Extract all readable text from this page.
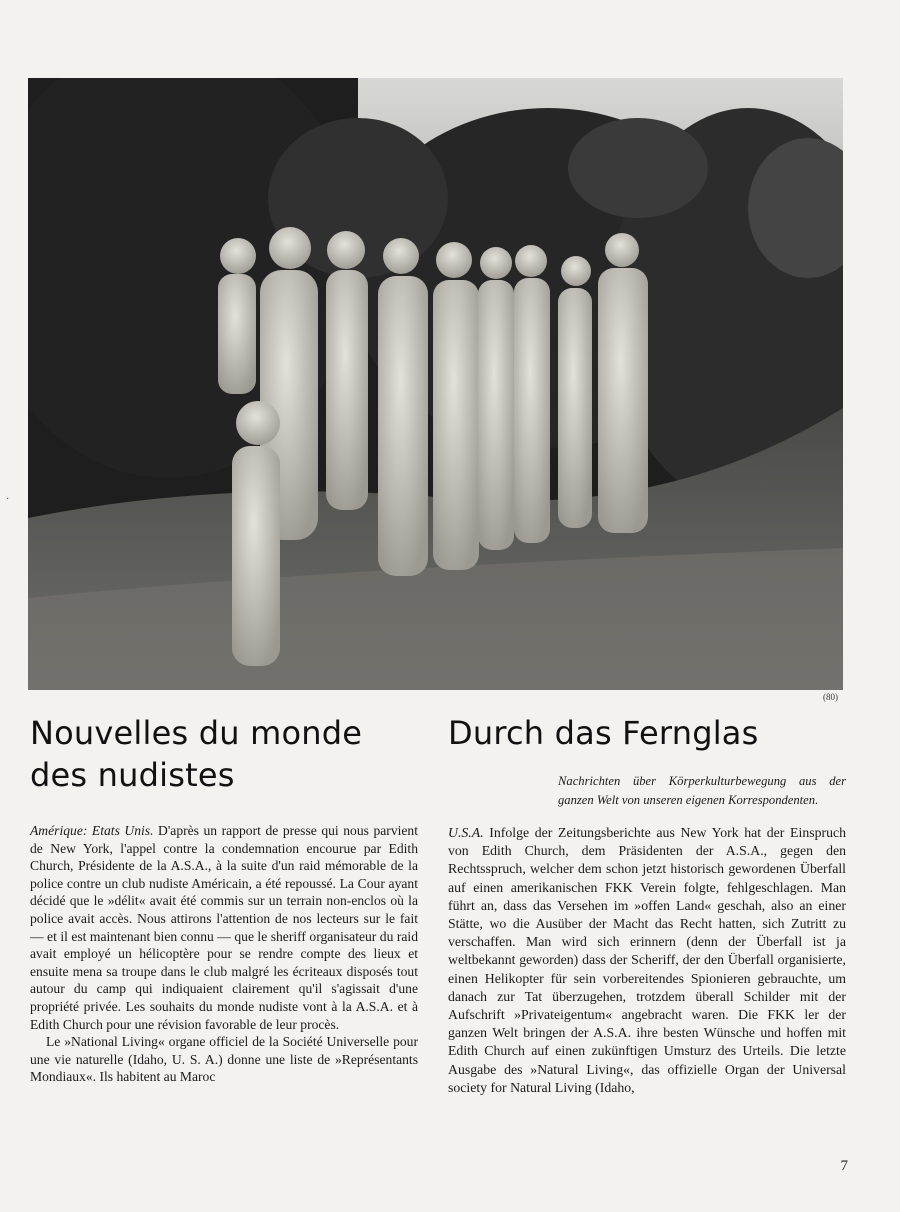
(80)
Nouvelles du monde des nudistes

Amérique: Etats Unis. D'après un rapport de presse qui nous parvient de New York, l'appel contre la condemnation encourue par Edith Church, Présidente de la A.S.A., à la suite d'un raid mémorable de la police contre un club nudiste Américain, a été repoussé. La Cour ayant décidé que le »délit« avait été commis sur un terrain non-enclos où la police avait accès. Nous attirons l'attention de nos lecteurs sur le fait — et il est maintenant bien connu — que le sheriff organisateur du raid avait employé un hélicoptère pour se rendre compte des lieux et ensuite mena sa troupe dans le club malgré les écriteaux disposés tout autour du camp qui indiquaient clairement qu'il s'agissait d'une propriété privée. Les souhaits du monde nudiste vont à la A.S.A. et à Edith Church pour une révision favorable de leur procès.

Le »National Living« organe officiel de la Société Universelle pour une vie naturelle (Idaho, U. S. A.) donne une liste de »Représentants Mondiaux«. Ils habitent au Maroc

Durch das Fernglas

Nachrichten über Körperkulturbewegung aus der ganzen Welt von unseren eigenen Korrespondenten.

U.S.A. Infolge der Zeitungsberichte aus New York hat der Einspruch von Edith Church, dem Präsidenten der A.S.A., gegen den Rechtsspruch, welcher dem schon jetzt historisch gewordenen Überfall auf einen amerikanischen FKK Verein folgte, fehlgeschlagen. Man führt an, dass das Versehen im »offen Land« geschah, also an einer Stätte, wo die Ausüber der Macht das Recht hatten, sich Zutritt zu verschaffen. Man wird sich erinnern (denn der Überfall ist ja weltbekannt geworden) dass der Scheriff, der den Überfall organisierte, einen Helikopter für sein vorbereitendes Spionieren gebrauchte, um danach zur Tat überzugehen, trotzdem überall Schilder mit der Aufschrift »Privateigentum« angebracht waren. Die FKK ler der ganzen Welt bringen der A.S.A. ihre besten Wünsche und hoffen mit Edith Church auf einen zukünftigen Umsturz des Urteils. Die letzte Ausgabe des »Natural Living«, das offizielle Organ der Universal society for Natural Living (Idaho,

7
·
